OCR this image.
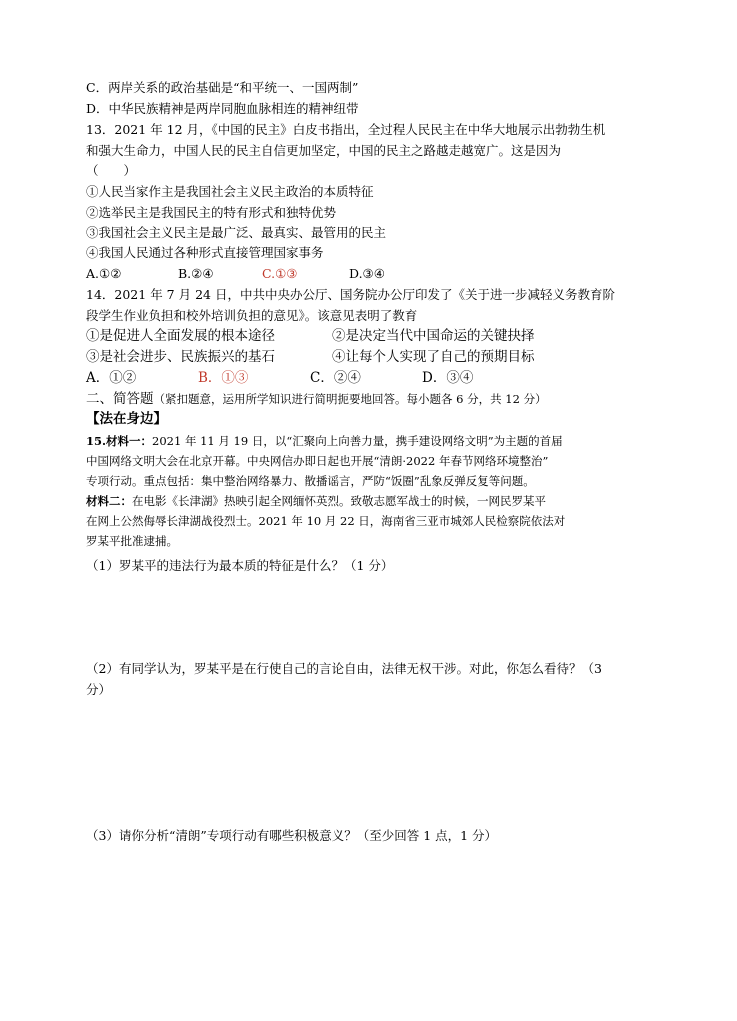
C．两岸关系的政治基础是“和平统一、一国两制”
D．中华民族精神是两岸同胞血脉相连的精神纽带
13．2021 年 12 月，《中国的民主》白皮书指出，全过程人民民主在中华大地展示出勃勃生机
和强大生命力，中国人民的民主自信更加坚定，中国的民主之路越走越宽广。这是因为
（　　）
①人民当家作主是我国社会主义民主政治的本质特征
②选举民主是我国民主的特有形式和独特优势
③我国社会主义民主是最广泛、最真实、最管用的民主
④我国人民通过各种形式直接管理国家事务
A.①②	B.②④	C.①③	D.③④
14．2021 年 7 月 24 日，中共中央办公厅、国务院办公厅印发了《关于进一步减轻义务教育阶
段学生作业负担和校外培训负担的意见》。该意见表明了教育
①是促进人全面发展的根本途径	②是决定当代中国命运的关键抉择
③是社会进步、民族振兴的基石	④让每个人实现了自己的预期目标
A．①②	B．①③	C．②④	D．③④
二、简答题（紧扣题意，运用所学知识进行简明扼要地回答。每小题各 6 分，共 12 分）
【法在身边】
15.材料一：2021 年 11 月 19 日，以“汇聚向上向善力量，携手建设网络文明”为主题的首届
中国网络文明大会在北京开幕。中央网信办即日起也开展“清朗·2022 年春节网络环境整治”
专项行动。重点包括：集中整治网络暴力、散播谣言，严防“饭圈”乱象反弹反复等问题。
材料二：在电影《长津湖》热映引起全网缅怀英烈。致敬志愿军战士的时候，一网民罗某平
在网上公然侮辱长津湖战役烈士。2021 年 10 月 22 日，海南省三亚市城郊人民检察院依法对
罗某平批准逮捕。
（1）罗某平的违法行为最本质的特征是什么？（1 分）
（2）有同学认为，罗某平是在行使自己的言论自由，法律无权干涉。对此，你怎么看待？（3
分）
（3）请你分析“清朗”专项行动有哪些积极意义？（至少回答 1 点，1 分）
